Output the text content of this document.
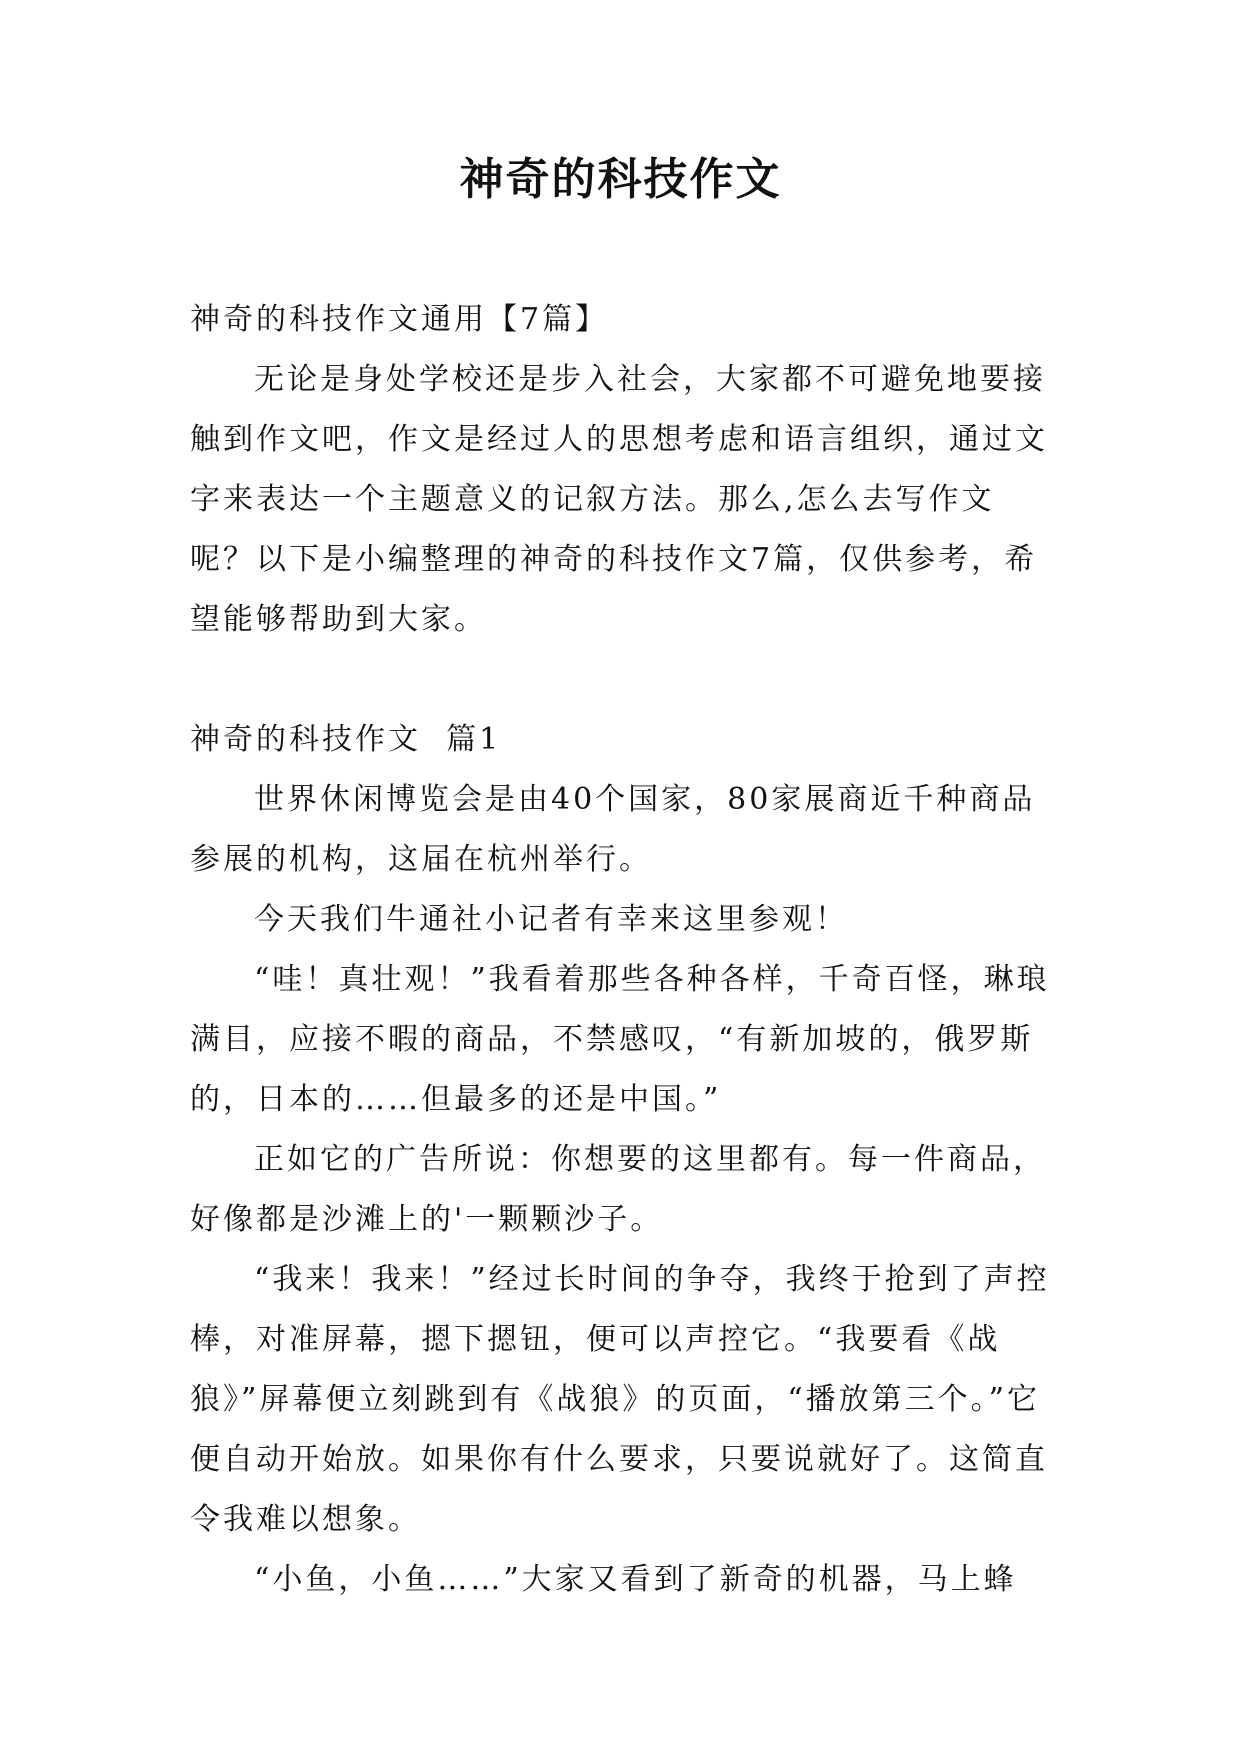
神奇的科技作文

神奇的科技作文通用【7篇】

无论是身处学校还是步入社会，大家都不可避免地要接触到作文吧，作文是经过人的思想考虑和语言组织，通过文字来表达一个主题意义的记叙方法。那么,怎么去写作文呢？以下是小编整理的神奇的科技作文7篇，仅供参考，希望能够帮助到大家。

神奇的科技作文  篇1

世界休闲博览会是由40个国家，80家展商近千种商品参展的机构，这届在杭州举行。

今天我们牛通社小记者有幸来这里参观！

“哇！真壮观！”我看着那些各种各样，千奇百怪，琳琅满目，应接不暇的商品，不禁感叹，“有新加坡的，俄罗斯的，日本的……但最多的还是中国。”

正如它的广告所说：你想要的这里都有。每一件商品，好像都是沙滩上的'一颗颗沙子。

“我来！我来！”经过长时间的争夺，我终于抢到了声控棒，对准屏幕，摁下摁钮，便可以声控它。“我要看《战狼》”屏幕便立刻跳到有《战狼》的页面，“播放第三个。”它便自动开始放。如果你有什么要求，只要说就好了。这简直令我难以想象。

“小鱼，小鱼……”大家又看到了新奇的机器，马上蜂
